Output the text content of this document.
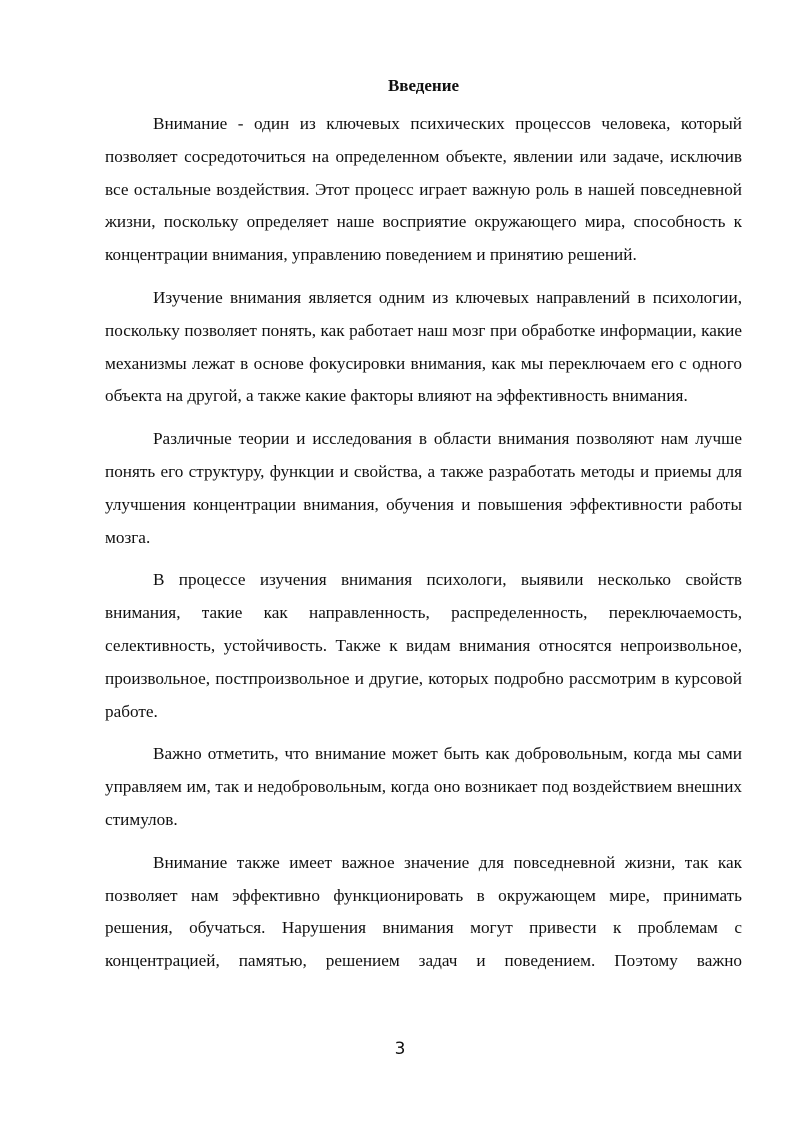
Введение

Внимание - один из ключевых психических процессов человека, который позволяет сосредоточиться на определенном объекте, явлении или задаче, исключив все остальные воздействия. Этот процесс играет важную роль в нашей повседневной жизни, поскольку определяет наше восприятие окружающего мира, способность к концентрации внимания, управлению поведением и принятию решений.

Изучение внимания является одним из ключевых направлений в психологии, поскольку позволяет понять, как работает наш мозг при обработке информации, какие механизмы лежат в основе фокусировки внимания, как мы переключаем его с одного объекта на другой, а также какие факторы влияют на эффективность внимания.

Различные теории и исследования в области внимания позволяют нам лучше понять его структуру, функции и свойства, а также разработать методы и приемы для улучшения концентрации внимания, обучения и повышения эффективности работы мозга.

В процессе изучения внимания психологи, выявили несколько свойств внимания, такие как направленность, распределенность, переключаемость, селективность, устойчивость. Также к видам внимания относятся непроизвольное, произвольное, постпроизвольное и другие, которых подробно рассмотрим в курсовой работе.

Важно отметить, что внимание может быть как добровольным, когда мы сами управляем им, так и недобровольным, когда оно возникает под воздействием внешних стимулов.

Внимание также имеет важное значение для повседневной жизни, так как позволяет нам эффективно функционировать в окружающем мире, принимать решения, обучаться. Нарушения внимания могут привести к проблемам с концентрацией, памятью, решением задач и поведением. Поэтому важно

3
